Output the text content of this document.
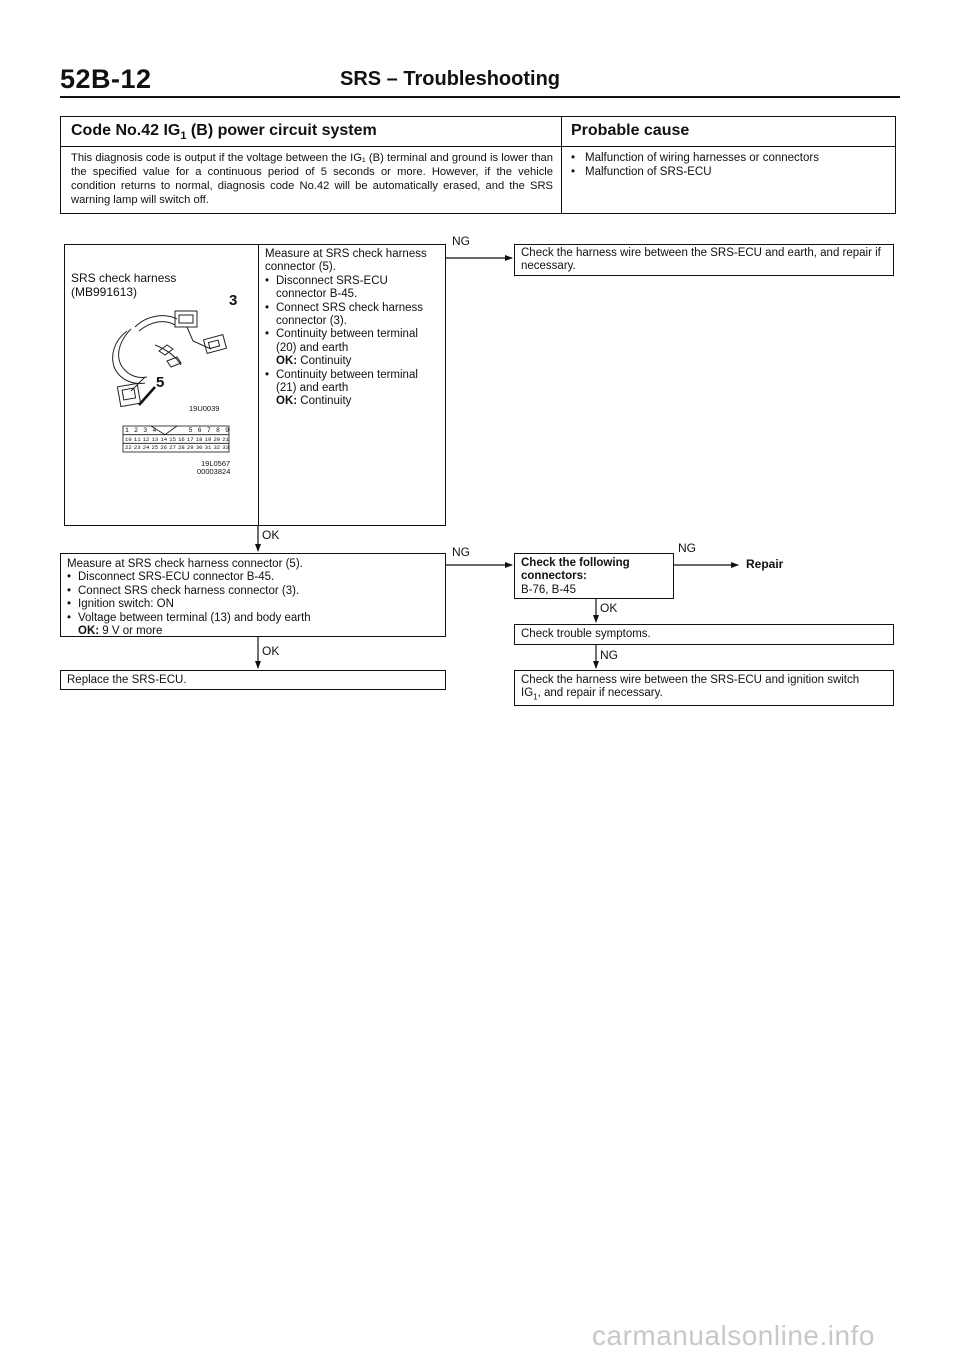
52B-12	SRS – Troubleshooting
Code No.42 $IG_1$ (B) power circuit system	Probable cause
This diagnosis code is output if the voltage between the IG₁ (B) terminal and ground is lower than the specified value for a continuous period of 5 seconds or more. However, if the vehicle condition returns to normal, diagnosis code No.42 will be automatically erased, and the SRS warning lamp will switch off.
• Malfunction of wiring harnesses or connectors
• Malfunction of SRS-ECU
SRS check harness
(MB991613)	3
5
1 2 3 4	5 6 7 8 9
10 11 12 13 14 15 16 17 18 19 20 21
22 23 24 25 26 27 28 29 30 31 32 33
19U0039
19L0567
00003824
Measure at SRS check harness connector (5).
• Disconnect SRS-ECU connector B-45.
• Connect SRS check harness connector (3).
• Continuity between terminal (20) and earth
OK: Continuity
• Continuity between terminal (21) and earth
OK: Continuity
Check the harness wire between the SRS-ECU and earth, and repair if necessary.
Measure at SRS check harness connector (5).
• Disconnect SRS-ECU connector B-45.
• Connect SRS check harness connector (3).
• Ignition switch: ON
• Voltage between terminal (13) and body earth
OK: 9 V or more
Replace the SRS-ECU.
Check the following connectors:
B-76, B-45
Check trouble symptoms.
Check the harness wire between the SRS-ECU and ignition switch
$IG_1$, and repair if necessary.
NG
OK
NG	NG
Repair
OK
OK	NG
carmanualsonline.info
